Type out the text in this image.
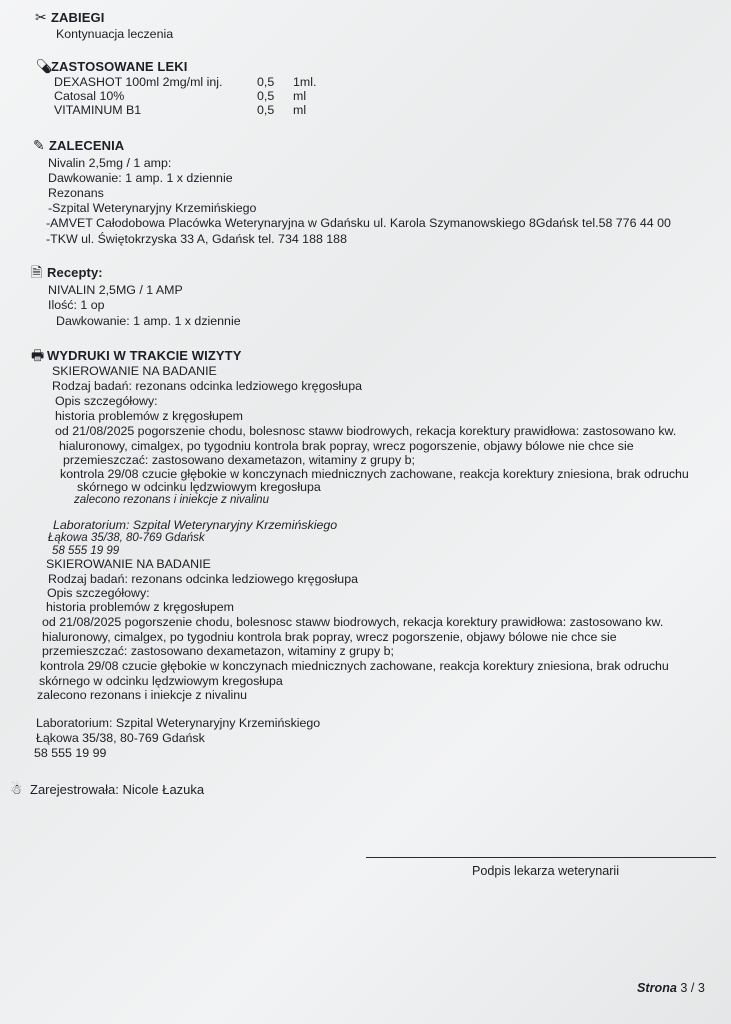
✂ ZABIEGI
Kontynuacja leczenia
💊︎ZASTOSOWANE LEKI
DEXASHOT 100ml 2mg/ml inj.	0,5	1ml.
Catosal 10%	0,5	ml
VITAMINUM B1	0,5	ml
✎ ZALECENIA
Nivalin 2,5mg / 1 amp:
Dawkowanie: 1 amp. 1 x dziennie
Rezonans
-Szpital Weterynaryjny Krzemińskiego
-AMVET Całodobowa Placówka Weterynaryjna w Gdańsku ul. Karola Szymanowskiego 8Gdańsk tel.58 776 44 00
-TKW ul. Świętokrzyska 33 A, Gdańsk tel. 734 188 188
🗎︎ Recepty:
NIVALIN 2,5MG / 1 AMP
Ilość: 1 op
Dawkowanie: 1 amp. 1 x dziennie
🖶︎ WYDRUKI W TRAKCIE WIZYTY
SKIEROWANIE NA BADANIE
Rodzaj badań: rezonans odcinka ledziowego kręgosłupa
Opis szczegółowy:
historia problemów z kręgosłupem
od 21/08/2025 pogorszenie chodu, bolesnosc staww biodrowych, rekacja korektury prawidłowa: zastosowano kw.
hialuronowy, cimalgex, po tygodniu kontrola brak popray, wrecz pogorszenie, objawy bólowe nie chce sie
przemieszczać: zastosowano dexametazon, witaminy z grupy b;
kontrola 29/08 czucie głębokie w konczynach miednicznych zachowane, reakcja korektury zniesiona, brak odruchu
skórnego w odcinku lędzwiowym kregosłupa
zalecono rezonans i iniekcje z nivalinu
Laboratorium: Szpital Weterynaryjny Krzemińskiego
Łąkowa 35/38, 80-769 Gdańsk
58 555 19 99
SKIEROWANIE NA BADANIE
Rodzaj badań: rezonans odcinka ledziowego kręgosłupa
Opis szczegółowy:
historia problemów z kręgosłupem
od 21/08/2025 pogorszenie chodu, bolesnosc staww biodrowych, rekacja korektury prawidłowa: zastosowano kw.
hialuronowy, cimalgex, po tygodniu kontrola brak popray, wrecz pogorszenie, objawy bólowe nie chce sie
przemieszczać: zastosowano dexametazon, witaminy z grupy b;
kontrola 29/08 czucie głębokie w konczynach miednicznych zachowane, reakcja korektury zniesiona, brak odruchu
skórnego w odcinku lędzwiowym kregosłupa
zalecono rezonans i iniekcje z nivalinu
Laboratorium: Szpital Weterynaryjny Krzemińskiego
Łąkowa 35/38, 80-769 Gdańsk
58 555 19 99
☃ Zarejestrowała: Nicole Łazuka
Podpis lekarza weterynarii
Strona 3 / 3
